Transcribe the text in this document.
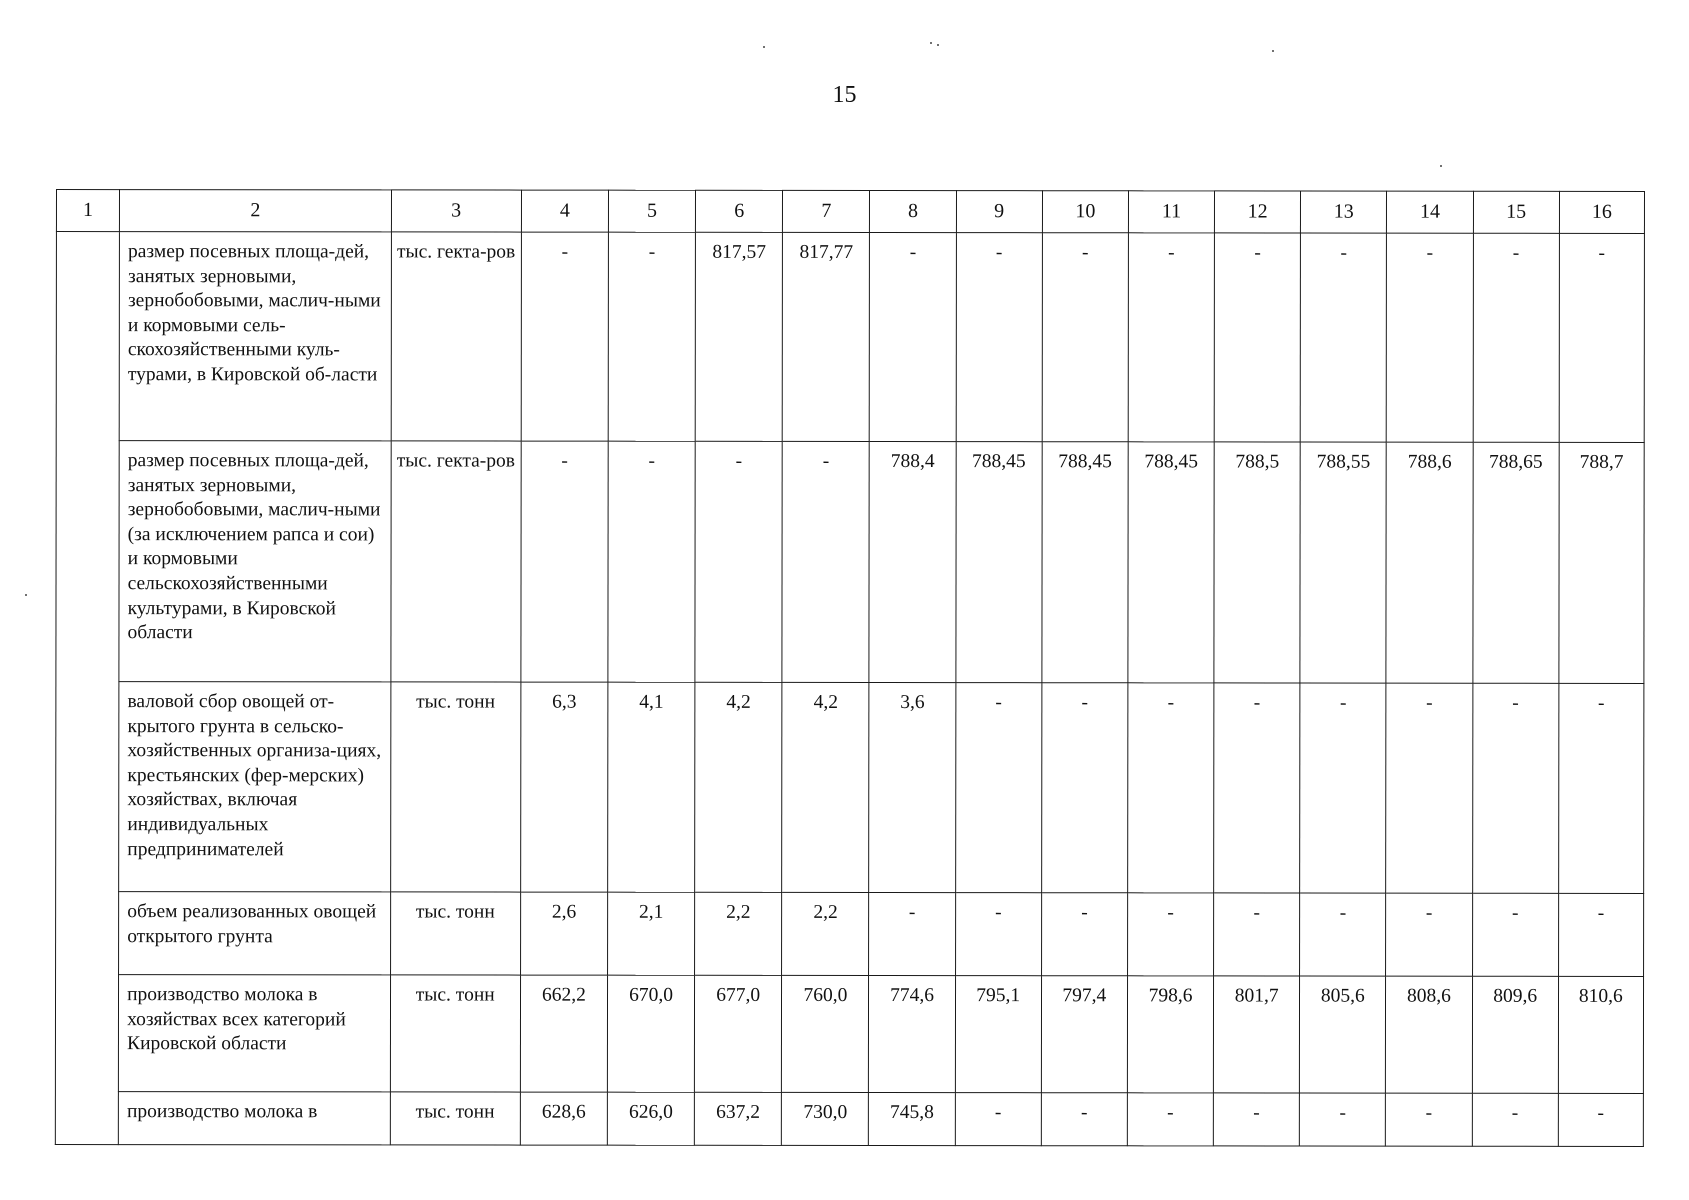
15
1	2	3	4	5	6	7	8	9	10	11	12	13	14	15	16
	размер посевных площа-дей, занятых зерновыми, зернобобовыми, маслич-ными и кормовыми сель-скохозяйственными куль-турами, в Кировской об-ласти	тыс. гекта-ров	-	-	817,57	817,77	-	-	-	-	-	-	-	-	-
	размер посевных площа-дей, занятых зерновыми, зернобобовыми, маслич-ными (за исключением рапса и сои) и кормовыми сельскохозяйственными культурами, в Кировской области	тыс. гекта-ров	-	-	-	-	788,4	788,45	788,45	788,45	788,5	788,55	788,6	788,65	788,7
	валовой сбор овощей от-крытого грунта в сельско-хозяйственных организа-циях, крестьянских (фер-мерских) хозяйствах, включая индивидуальных предпринимателей	тыс. тонн	6,3	4,1	4,2	4,2	3,6	-	-	-	-	-	-	-	-
	объем реализованных овощей открытого грунта	тыс. тонн	2,6	2,1	2,2	2,2	-	-	-	-	-	-	-	-	-
	производство молока в хозяйствах всех категорий Кировской области	тыс. тонн	662,2	670,0	677,0	760,0	774,6	795,1	797,4	798,6	801,7	805,6	808,6	809,6	810,6
	производство молока в	тыс. тонн	628,6	626,0	637,2	730,0	745,8	-	-	-	-	-	-	-	-
